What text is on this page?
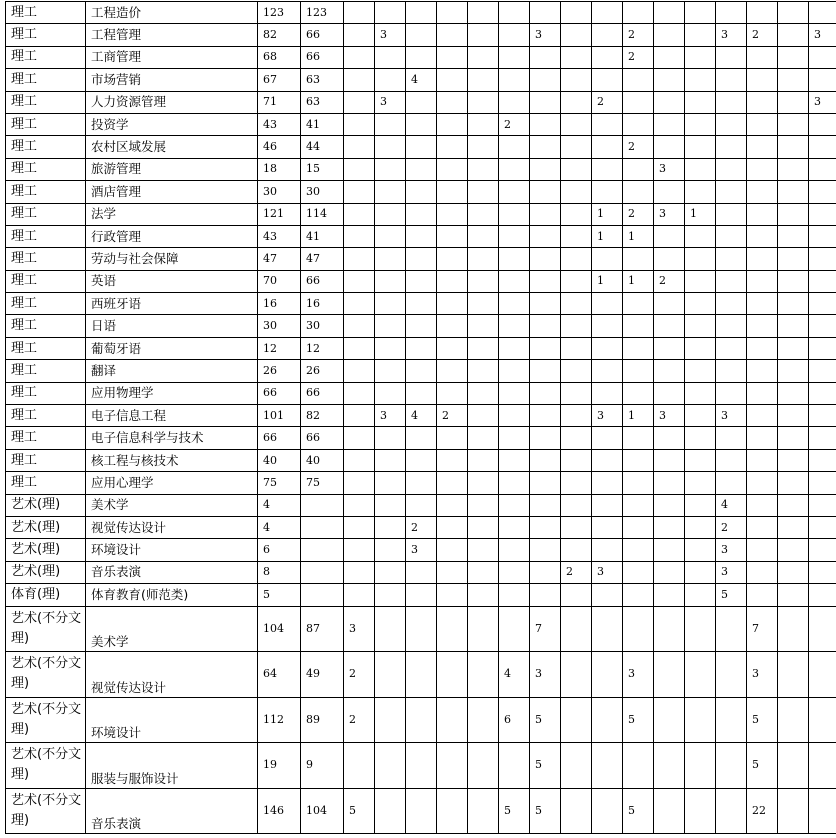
理工	工程造价	123	123																
理工	工程管理	82	66		3					3			2			3	2		3
理工	工商管理	68	66										2						
理工	市场营销	67	63			4													
理工	人力资源管理	71	63		3							2							3
理工	投资学	43	41						2										
理工	农村区域发展	46	44										2						
理工	旅游管理	18	15											3					
理工	酒店管理	30	30																
理工	法学	121	114									1	2	3	1				
理工	行政管理	43	41									1	1						
理工	劳动与社会保障	47	47																
理工	英语	70	66									1	1	2					
理工	西班牙语	16	16																
理工	日语	30	30																
理工	葡萄牙语	12	12																
理工	翻译	26	26																
理工	应用物理学	66	66																
理工	电子信息工程	101	82		3	4	2					3	1	3		3			
理工	电子信息科学与技术	66	66																
理工	核工程与核技术	40	40																
理工	应用心理学	75	75																
艺术(理)	美术学	4														4			
艺术(理)	视觉传达设计	4				2										2			
艺术(理)	环境设计	6				3										3			
艺术(理)	音乐表演	8									2	3				3			
体育(理)	体育教育(师范类)	5														5			
艺术(不分文理)	美术学	104	87	3						7							7		
艺术(不分文理)	视觉传达设计	64	49	2					4	3			3				3		
艺术(不分文理)	环境设计	112	89	2					6	5			5				5		
艺术(不分文理)	服装与服饰设计	19	9							5							5		
艺术(不分文理)	音乐表演	146	104	5					5	5			5				22		
